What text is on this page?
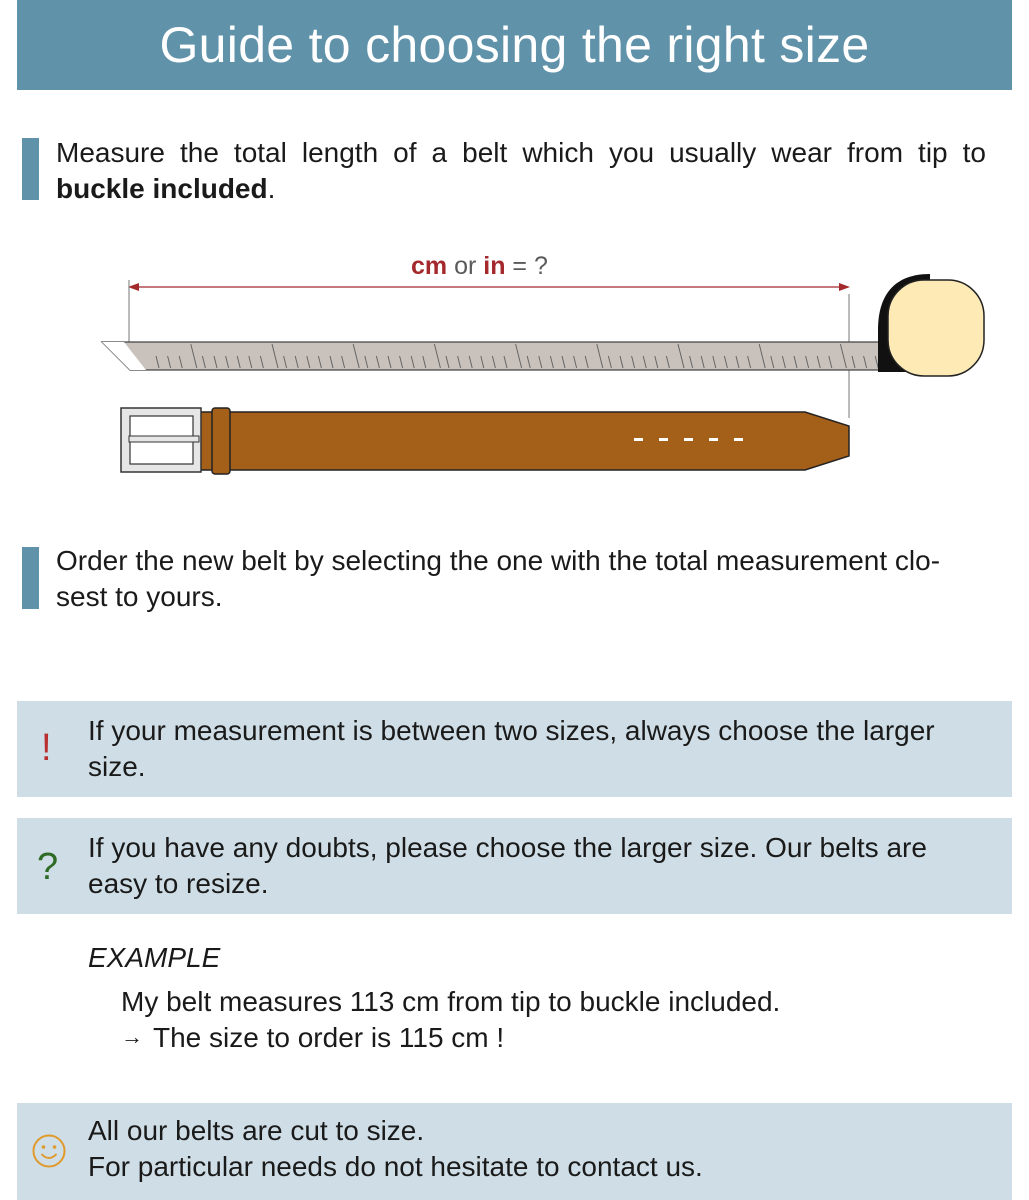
Guide to choosing the right size
Measure the total length of a belt which you usually wear from tip to buckle included.
cm or in = ?
Order the new belt by selecting the one with the total measurement clo-sest to yours.
! If your measurement is between two sizes, always choose the larger size.
? If you have any doubts, please choose the larger size. Our belts are easy to resize.
EXAMPLE
My belt measures 113 cm from tip to buckle included.
→ The size to order is 115 cm !
All our belts are cut to size.
For particular needs do not hesitate to contact us.
